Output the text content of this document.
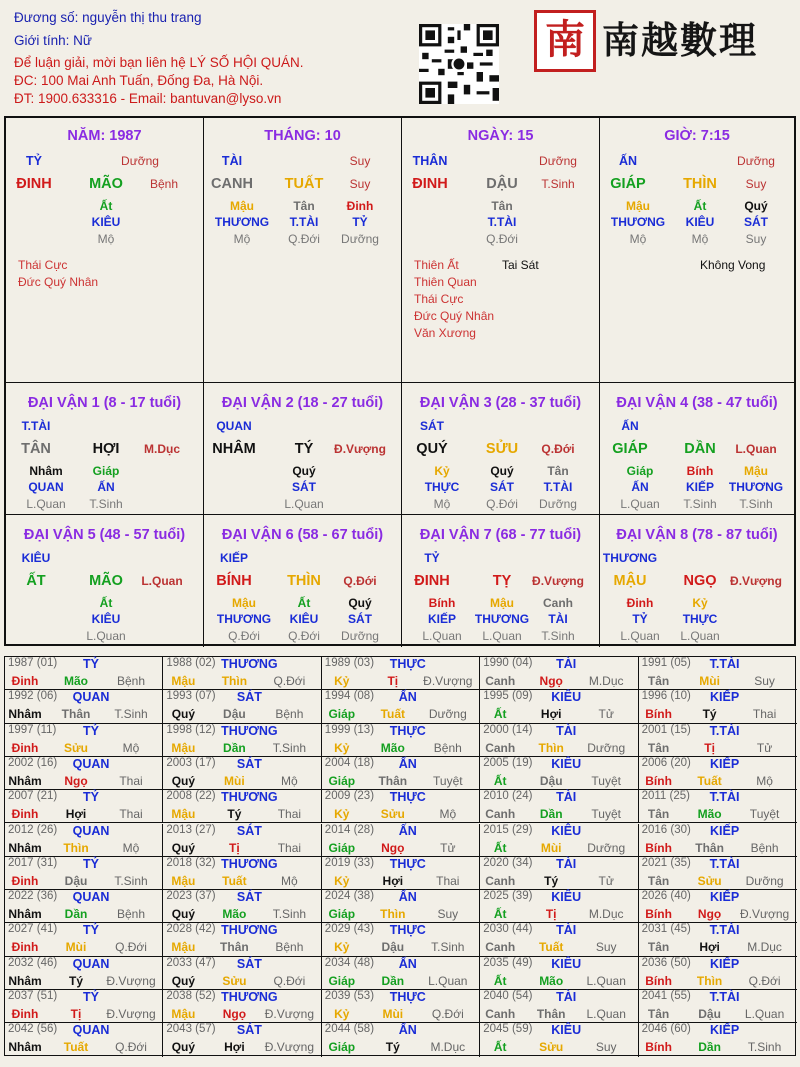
Đương số: nguyễn thị thu trang
Giới tính: Nữ
Để luận giải, mời bạn liên hệ LÝ SỐ HỘI QUÁN.
ĐC: 100 Mai Anh Tuấn, Đống Đa, Hà Nội.
ĐT: 1900.633316 - Email: bantuvan@lyso.vn
南 南越數理
NĂM: 1987
TỶ	Dưỡng
ĐINH	MÃO Bệnh
Ất
KIÊU
Mộ
Thái Cực
Đức Quý Nhân
THÁNG: 10
TÀI	Suy
CANH TUẤT Suy
Mậu
THƯƠNG
Mộ
Tân
T.TÀI
Q.Đới
Đinh
TỶ
Dưỡng
NGÀY: 15
THÂN	Dưỡng
ĐINH	DẬU T.Sinh
Tân
T.TÀI
Q.Đới
Thiên Ất
Thiên Quan
Thái Cực
Đức Quý Nhân
Văn Xương
Tai Sát
GIỜ: 7:15
ẤN	Dưỡng
GIÁP	THÌN Suy
Mậu
THƯƠNG
Mộ
Ất
KIÊU
Mộ
Quý
SÁT
Suy
Không Vong
ĐẠI VẬN 1 (8 - 17 tuổi)
T.TÀI
TÂN	HỢI M.Dục
Nhâm
QUAN
L.Quan
Giáp
ẤN
T.Sinh
ĐẠI VẬN 2 (18 - 27 tuổi)
QUAN
NHÂM	TÝ Đ.Vượng
Quý
SÁT
L.Quan
ĐẠI VẬN 3 (28 - 37 tuổi)
SÁT
QUÝ	SỬU Q.Đới
Kỷ
THỰC
Mộ
Quý
SÁT
Q.Đới
Tân
T.TÀI
Dưỡng
ĐẠI VẬN 4 (38 - 47 tuổi)
ẤN
GIÁP	DẦN L.Quan
Giáp
ẤN
L.Quan
Bính
KIẾP
T.Sinh
Mậu
THƯƠNG
T.Sinh
ĐẠI VẬN 5 (48 - 57 tuổi)
KIÊU
ẤT	MÃO L.Quan
Ất
KIÊU
L.Quan
ĐẠI VẬN 6 (58 - 67 tuổi)
KIẾP
BÍNH THÌN Q.Đới
Mậu
THƯƠNG
Q.Đới
Ất
KIÊU
Q.Đới
Quý
SÁT
Dưỡng
ĐẠI VẬN 7 (68 - 77 tuổi)
TỶ
ĐINH	TỴ Đ.Vượng
Bính
KIẾP
L.Quan
Mậu
THƯƠNG
L.Quan
Canh
TÀI
T.Sinh
ĐẠI VẬN 8 (78 - 87 tuổi)
THƯƠNG
MẬU	NGỌ Đ.Vượng
Đinh
TỶ
L.Quan
Kỷ
THỰC
L.Quan
1987 (01) TỶ
Đinh Mão Bệnh
1988 (02) THƯƠNG
Mậu Thìn Q.Đới
1989 (03) THỰC
Kỷ	Tị Đ.Vượng
1990 (04) TÀI
Canh Ngọ M.Dục
1991 (05) T.TÀI
Tân Mùi	Suy
1992 (06) QUAN
Nhâm Thân T.Sinh
1993 (07) SÁT
Quý Dậu Bệnh
1994 (08) ẤN
Giáp Tuất Dưỡng
1995 (09) KIÊU
Ất	Hợi	Tử
1996 (10) KIẾP
Bính	Tý	Thai
1997 (11) TỶ
Đinh Sửu	Mộ
1998 (12) THƯƠNG
Mậu Dần T.Sinh
1999 (13) THỰC
Kỷ	Mão Bệnh
2000 (14) TÀI
Canh Thìn Dưỡng
2001 (15) T.TÀI
Tân	Tị	Tử
2002 (16) QUAN
Nhâm Ngọ	Thai
2003 (17) SÁT
Quý Mùi	Mộ
2004 (18) ẤN
Giáp Thân Tuyệt
2005 (19) KIÊU
Ất	Dậu Tuyệt
2006 (20) KIẾP
Bính Tuất	Mộ
2007 (21) TỶ
Đinh Hợi	Thai
2008 (22) THƯƠNG
Mậu	Tý	Thai
2009 (23) THỰC
Kỷ	Sửu	Mộ
2010 (24) TÀI
Canh Dần Tuyệt
2011 (25) T.TÀI
Tân Mão Tuyệt
2012 (26) QUAN
Nhâm Thìn	Mộ
2013 (27) SÁT
Quý	Tị	Thai
2014 (28) ẤN
Giáp Ngọ	Tử
2015 (29) KIÊU
Ất	Mùi Dưỡng
2016 (30) KIẾP
Bính Thân Bệnh
2017 (31) TỶ
Đinh Dậu T.Sinh
2018 (32) THƯƠNG
Mậu Tuất	Mộ
2019 (33) THỰC
Kỷ	Hợi	Thai
2020 (34) TÀI
Canh Tý	Tử
2021 (35) T.TÀI
Tân Sửu Dưỡng
2022 (36) QUAN
Nhâm Dần Bệnh
2023 (37) SÁT
Quý Mão T.Sinh
2024 (38) ẤN
Giáp Thìn	Suy
2025 (39) KIÊU
Ất	Tị	M.Dục
2026 (40) KIẾP
Bính Ngọ Đ.Vượng
2027 (41) TỶ
Đinh Mùi Q.Đới
2028 (42) THƯƠNG
Mậu Thân Bệnh
2029 (43) THỰC
Kỷ	Dậu T.Sinh
2030 (44) TÀI
Canh Tuất	Suy
2031 (45) T.TÀI
Tân	Hợi M.Dục
2032 (46) QUAN
Nhâm Tý Đ.Vượng
2033 (47) SÁT
Quý Sửu Q.Đới
2034 (48) ẤN
Giáp Dần L.Quan
2035 (49) KIÊU
Ất	Mão L.Quan
2036 (50) KIẾP
Bính Thìn Q.Đới
2037 (51) TỶ
Đinh	Tị Đ.Vượng
2038 (52) THƯƠNG
Mậu Ngọ Đ.Vượng
2039 (53) THỰC
Kỷ	Mùi Q.Đới
2040 (54) TÀI
Canh Thân L.Quan
2041 (55) T.TÀI
Tân Dậu L.Quan
2042 (56) QUAN
Nhâm Tuất Q.Đới
2043 (57) SÁT
Quý Hợi Đ.Vượng
2044 (58) ẤN
Giáp	Tý	M.Dục
2045 (59) KIÊU
Ất	Sửu	Suy
2046 (60) KIẾP
Bính Dần T.Sinh
